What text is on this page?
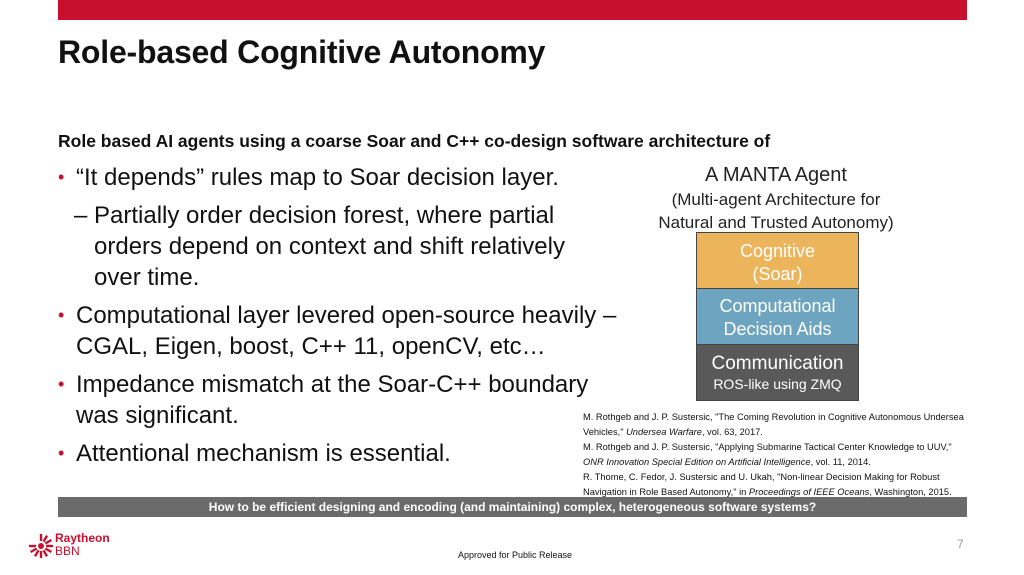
Role-based Cognitive Autonomy
Role based AI agents using a coarse Soar and C++ co-design software architecture of
• “It depends” rules map to Soar decision layer.
– Partially order decision forest, where partial orders depend on context and shift relatively over time.
• Computational layer levered open-source heavily – CGAL, Eigen, boost, C++ 11, openCV, etc…
• Impedance mismatch at the Soar-C++ boundary was significant.
• Attentional mechanism is essential.
A MANTA Agent
(Multi-agent Architecture for
Natural and Trusted Autonomy)
Cognitive
(Soar)
Computational
Decision Aids
Communication
ROS-like using ZMQ

M. Rothgeb and J. P. Sustersic, "The Coming Revolution in Cognitive Autonomous Undersea Vehicles," Undersea Warfare, vol. 63, 2017.

M. Rothgeb and J. P. Sustersic, "Applying Submarine Tactical Center Knowledge to UUV," ONR Innovation Special Edition on Artificial Intelligence, vol. 11, 2014.

R. Thome, C. Fedor, J. Sustersic and U. Ukah, "Non-linear Decision Making for Robust Navigation in Role Based Autonomy," in Proceedings of IEEE Oceans, Washington, 2015.

How to be efficient designing and encoding (and maintaining) complex, heterogeneous software systems?
Raytheon
BBN	7
Approved for Public Release
